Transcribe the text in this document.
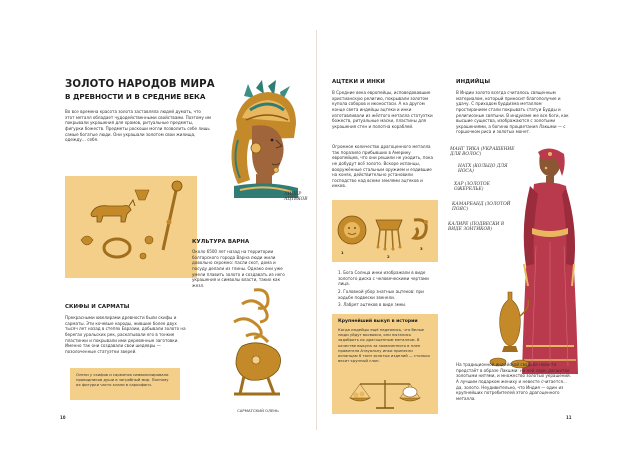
ЗОЛОТО НАРОДОВ МИРА
В ДРЕВНОСТИ И В СРЕДНИЕ ВЕКА
Во все времена красота золота заставляла людей думать, что этот металл обладает чудодейственными свойствами. Поэтому им покрывали украшения для храмов, ритуальные предметы, фигурки божеств. Предметы роскоши могли позволить себе лишь самые богатые люди. Они украшали золотом свои жилища, одежду… себя.
ЛИДЕР АЦТЕКОВ
КУЛЬТУРА ВАРНА
Около 6500 лет назад на территории болгарского города Варна люди жили довольно скромно: пасли скот, дома и посуду делали из глины. Однако они уже умели плавить золото и создавать из него украшения и символы власти, таких как жезл.
СКИФЫ И САРМАТЫ
Прекрасными ювелирами древности были скифы и сарматы. Эти кочевые народы, жившие более двух тысяч лет назад в степях Евразии, добывали золото на берегах уральских рек, раскатывали его в тонкие пластинки и покрывали ими деревянные заготовки. Именно так они создавали свои шедевры — позолоченные статуэтки зверей.
Олени у скифов и сарматов символизировали проводников души в загробный мир. Поэтому их фигурки часто клали в саркофаги.
САРМАТСКИЙ ОЛЕНЬ
10
АЦТЕКИ И ИНКИ
В Средние века европейцы, исповедовавшие христианскую религию, покрывали золотом купола соборов и иконостаси. А на другом конце света индейцы ацтеки и инки изготавливали из жёлтого металла статуэтки божеств, ритуальные маски, пластины для украшения стен и полотна кораблей.
Огромное количество драгоценного металла так поразило прибывших в Америку европейцев, что они решили не уходить, пока не добудут всё золото. Вскоре испанцы, вооружённые стальным оружием и ездившие на конях, действительно установили господство над всеми землями ацтеков и инков.
1
2
3
1. Бога Солнца инки изображали в виде золотого диска с человеческими чертами лица.
2. Головной убор знатных ацтеков: при ходьбе подвески звенели.
3. Лабрет ацтеков в виде змеи.
Крупнейший выкуп в истории
Когда индейцы ещё надеялись, что белые люди уйдут восвояси, они пытались задобрить их драгоценным металлом. В качестве выкупа за захваченного в плен правителя Атауальпу инки принесли испанцам 6 тонн золотых изделий — столько весит крупный слон.
ИНДИЙЦЫ
В Индии золото всегда считалось священным материалом, который приносит благополучие и удачу. С приходом буддизма металлом простиранием стали покрывать статуи Будды и религиозные святыни. В индуизме же все боги, как высшие существа, изображаются с золотыми украшениями, а богиню процветания Лакшми — с горшочком риса и золотых монет.
МАНГ ТИКА (УКРАШЕНИЕ ДЛЯ ВОЛОС)
НАТХ (КОЛЬЦО ДЛЯ НОСА)
ХАР (ЗОЛОТОЕ ОЖЕРЕЛЬЕ)
КАМАРБАНД (ЗОЛОТОЙ ПОЯС)
КАЛИРЕ (ПОДВЕСКИ В ВИДЕ ЗОНТИКОВ)
На традиционной индийской свадьбе невеста предстаёт в образе Лакшми: на ней сари, расшитое золотыми нитями, и множество золотых украшений. А лучшим подарком жениху и невесте считается… да, золото. Неудивительно, что Индия — один из крупнейших потребителей этого драгоценного металла.
11
